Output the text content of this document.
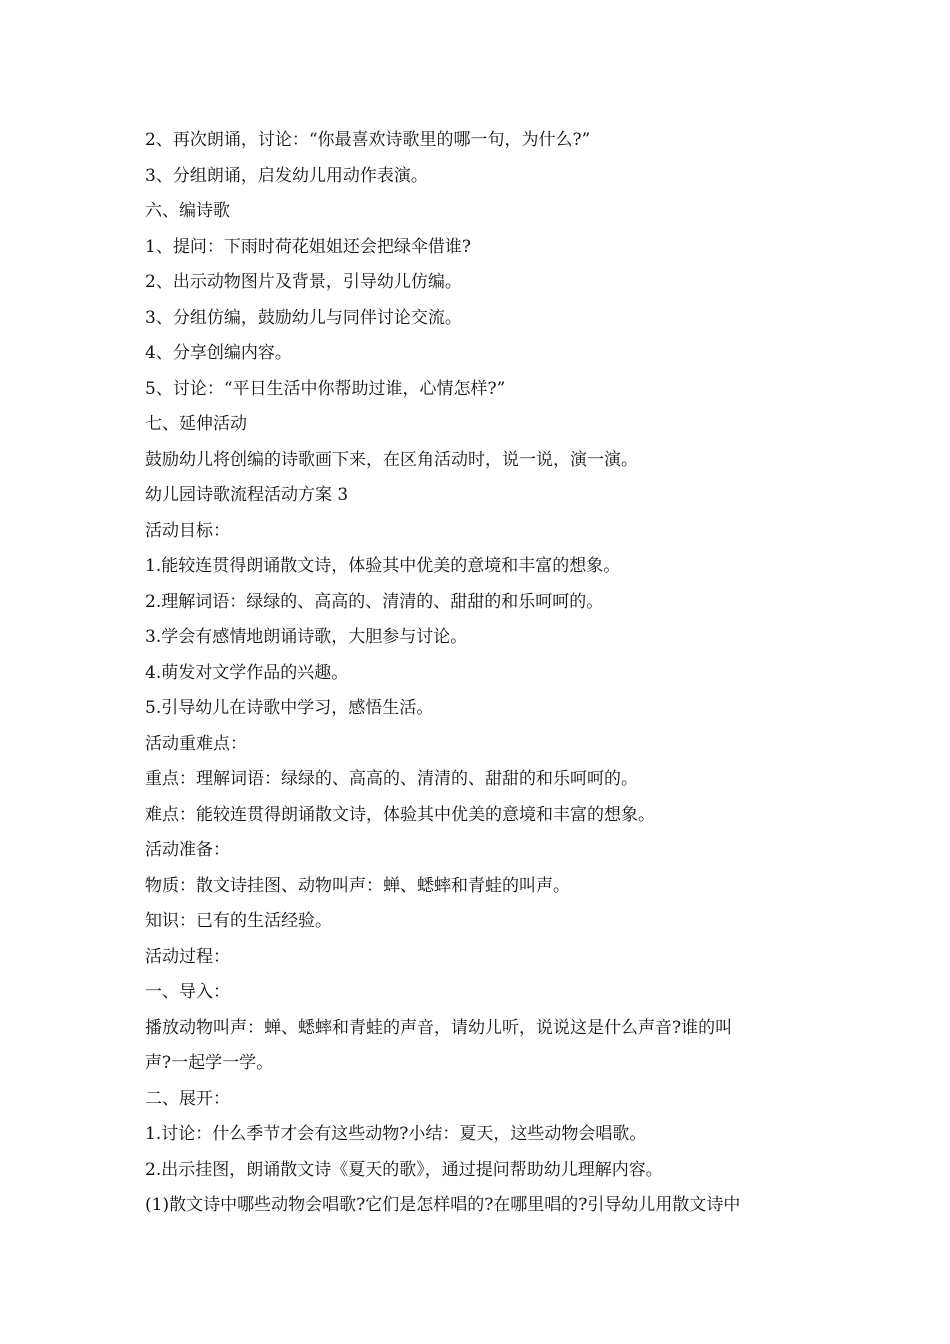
2、再次朗诵，讨论：“你最喜欢诗歌里的哪一句，为什么?”

3、分组朗诵，启发幼儿用动作表演。

六、编诗歌

1、提问：下雨时荷花姐姐还会把绿伞借谁?

2、出示动物图片及背景，引导幼儿仿编。

3、分组仿编，鼓励幼儿与同伴讨论交流。

4、分享创编内容。

5、讨论：“平日生活中你帮助过谁，心情怎样?”

七、延伸活动

鼓励幼儿将创编的诗歌画下来，在区角活动时，说一说，演一演。

幼儿园诗歌流程活动方案 3

活动目标：

1.能较连贯得朗诵散文诗，体验其中优美的意境和丰富的想象。

2.理解词语：绿绿的、高高的、清清的、甜甜的和乐呵呵的。

3.学会有感情地朗诵诗歌，大胆参与讨论。

4.萌发对文学作品的兴趣。

5.引导幼儿在诗歌中学习，感悟生活。

活动重难点：

重点：理解词语：绿绿的、高高的、清清的、甜甜的和乐呵呵的。

难点：能较连贯得朗诵散文诗，体验其中优美的意境和丰富的想象。

活动准备：

物质：散文诗挂图、动物叫声：蝉、蟋蟀和青蛙的叫声。

知识：已有的生活经验。

活动过程：

一、导入：

播放动物叫声：蝉、蟋蟀和青蛙的声音，请幼儿听，说说这是什么声音?谁的叫

声?一起学一学。

二、展开：

1.讨论：什么季节才会有这些动物?小结：夏天，这些动物会唱歌。

2.出示挂图，朗诵散文诗《夏天的歌》，通过提问帮助幼儿理解内容。

(1)散文诗中哪些动物会唱歌?它们是怎样唱的?在哪里唱的?引导幼儿用散文诗中
